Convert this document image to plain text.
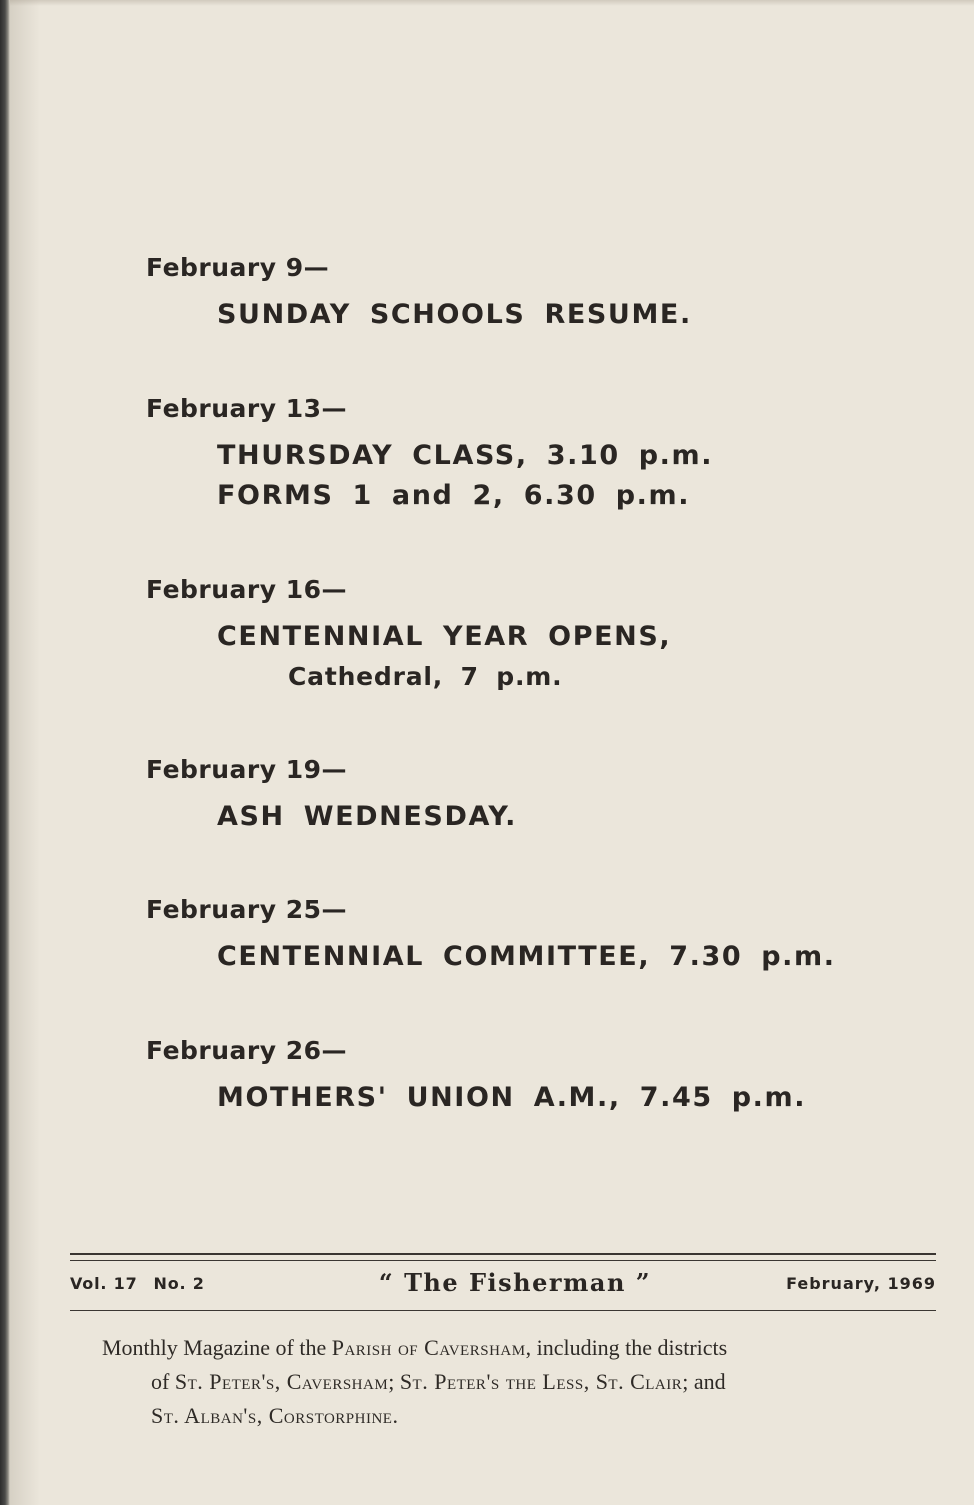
February 9—
SUNDAY SCHOOLS RESUME.
February 13—
THURSDAY CLASS, 3.10 p.m.
FORMS 1 and 2, 6.30 p.m.
February 16—
CENTENNIAL YEAR OPENS,
Cathedral, 7 p.m.
February 19—
ASH WEDNESDAY.
February 25—
CENTENNIAL COMMITTEE, 7.30 p.m.
February 26—
MOTHERS' UNION A.M., 7.45 p.m.
Vol. 17 No. 2	“ The Fisherman ”	February, 1969
Monthly Magazine of the Parish of Caversham, including the districts
of St. Peter's, Caversham; St. Peter's the Less, St. Clair; and
St. Alban's, Corstorphine.
